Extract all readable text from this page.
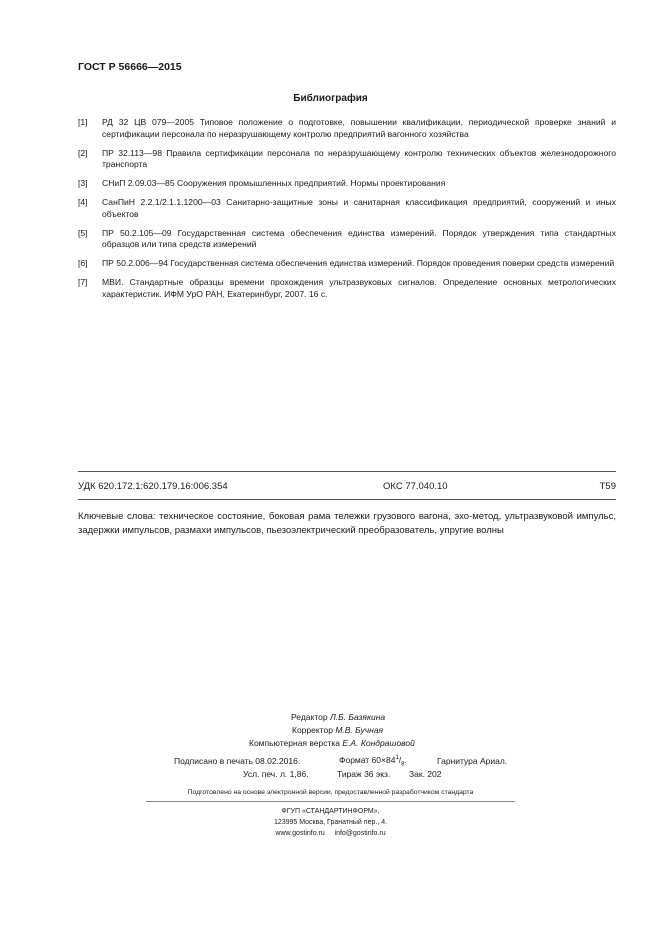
ГОСТ Р 56666—2015
Библиография
[1]	РД 32 ЦВ 079—2005 Типовое положение о подготовке, повышении квалификации, периодической проверке знаний и сертификации персонала по неразрушающему контролю предприятий вагонного хозяйства
[2]	ПР 32.113—98 Правила сертификации персонала по неразрушающему контролю технических объектов железнодорожного транспорта
[3]	СНиП 2.09.03—85 Сооружения промышленных предприятий. Нормы проектирования
[4]	СанПиН 2.2.1/2.1.1.1200—03 Санитарно-защитные зоны и санитарная классификация предприятий, сооружений и иных объектов
[5]	ПР 50.2.105—09 Государственная система обеспечения единства измерений. Порядок утверждения типа стандартных образцов или типа средств измерений
[6]	ПР 50.2.006—94 Государственная система обеспечения единства измерений. Порядок проведения поверки средств измерений
[7]	МВИ. Стандартные образцы времени прохождения ультразвуковых сигналов. Определение основных метрологических характеристик. ИФМ УрО РАН, Екатеринбург, 2007. 16 с.
УДК 620.172.1:620.179.16:006.354	ОКС 77.040.10	Т59
Ключевые слова: техническое состояние, боковая рама тележки грузового вагона, эхо-метод, ультразвуковой импульс, задержки импульсов, размахи импульсов, пьезоэлектрический преобразователь, упругие волны
Редактор Л.Б. Базякина
Корректор М.В. Бучная
Компьютерная верстка Е.А. Кондрашовой
Подписано в печать 08.02.2016.	Формат $60\times 84^1/_8$.	Гарнитура Ариал.
Усл. печ. л. 1,86.	Тираж 36 экз. Зак. 202
Подготовлено на основе электронной версии, предоставленной разработчиком стандарта
ФГУП «СТАНДАРТИНФОРМ»,
123995 Москва, Гранатный пер., 4.
www.gostinfo.ru     info@gostinfo.ru
